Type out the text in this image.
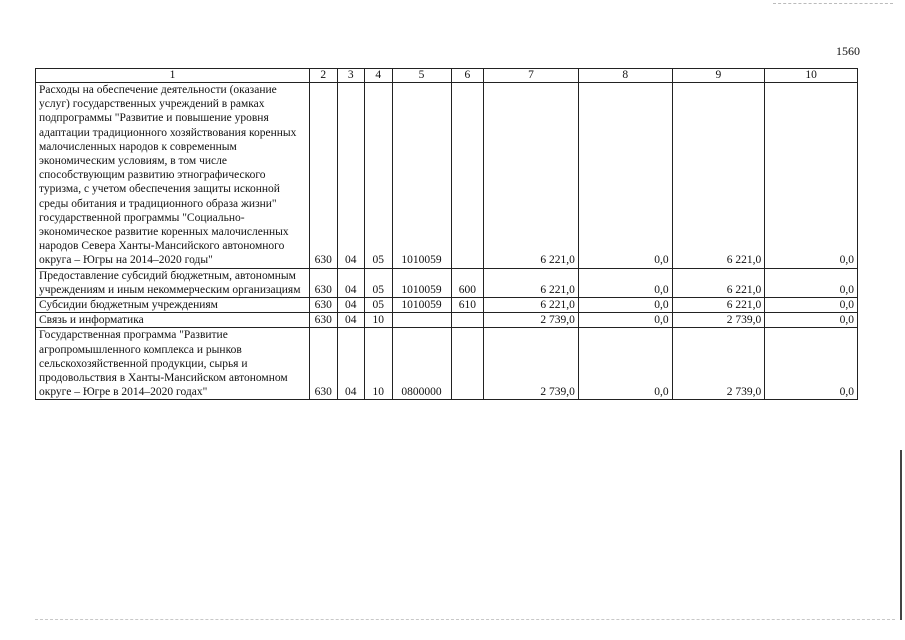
1560
1	2	3	4	5	6	7	8	9	10
Расходы на обеспечение деятельности (оказание услуг) государственных учреждений в рамках подпрограммы "Развитие и повышение уровня адаптации традиционного хозяйствования коренных малочисленных народов к современным экономическим условиям, в том числе способствующим развитию этнографического туризма, с учетом обеспечения защиты исконной среды обитания и традиционного образа жизни" государственной программы "Социально-экономическое развитие коренных малочисленных народов Севера Ханты-Мансийского автономного округа – Югры на 2014–2020 годы"	630	04	05	1010059		6 221,0	0,0	6 221,0	0,0
Предоставление субсидий бюджетным, автономным учреждениям и иным некоммерческим организациям	630	04	05	1010059	600	6 221,0	0,0	6 221,0	0,0
Субсидии бюджетным учреждениям	630	04	05	1010059	610	6 221,0	0,0	6 221,0	0,0
Связь и информатика	630	04	10			2 739,0	0,0	2 739,0	0,0
Государственная программа "Развитие агропромышленного комплекса и рынков сельскохозяйственной продукции, сырья и продовольствия в Ханты-Мансийском автономном округе – Югре в 2014–2020 годах"	630	04	10	0800000		2 739,0	0,0	2 739,0	0,0
